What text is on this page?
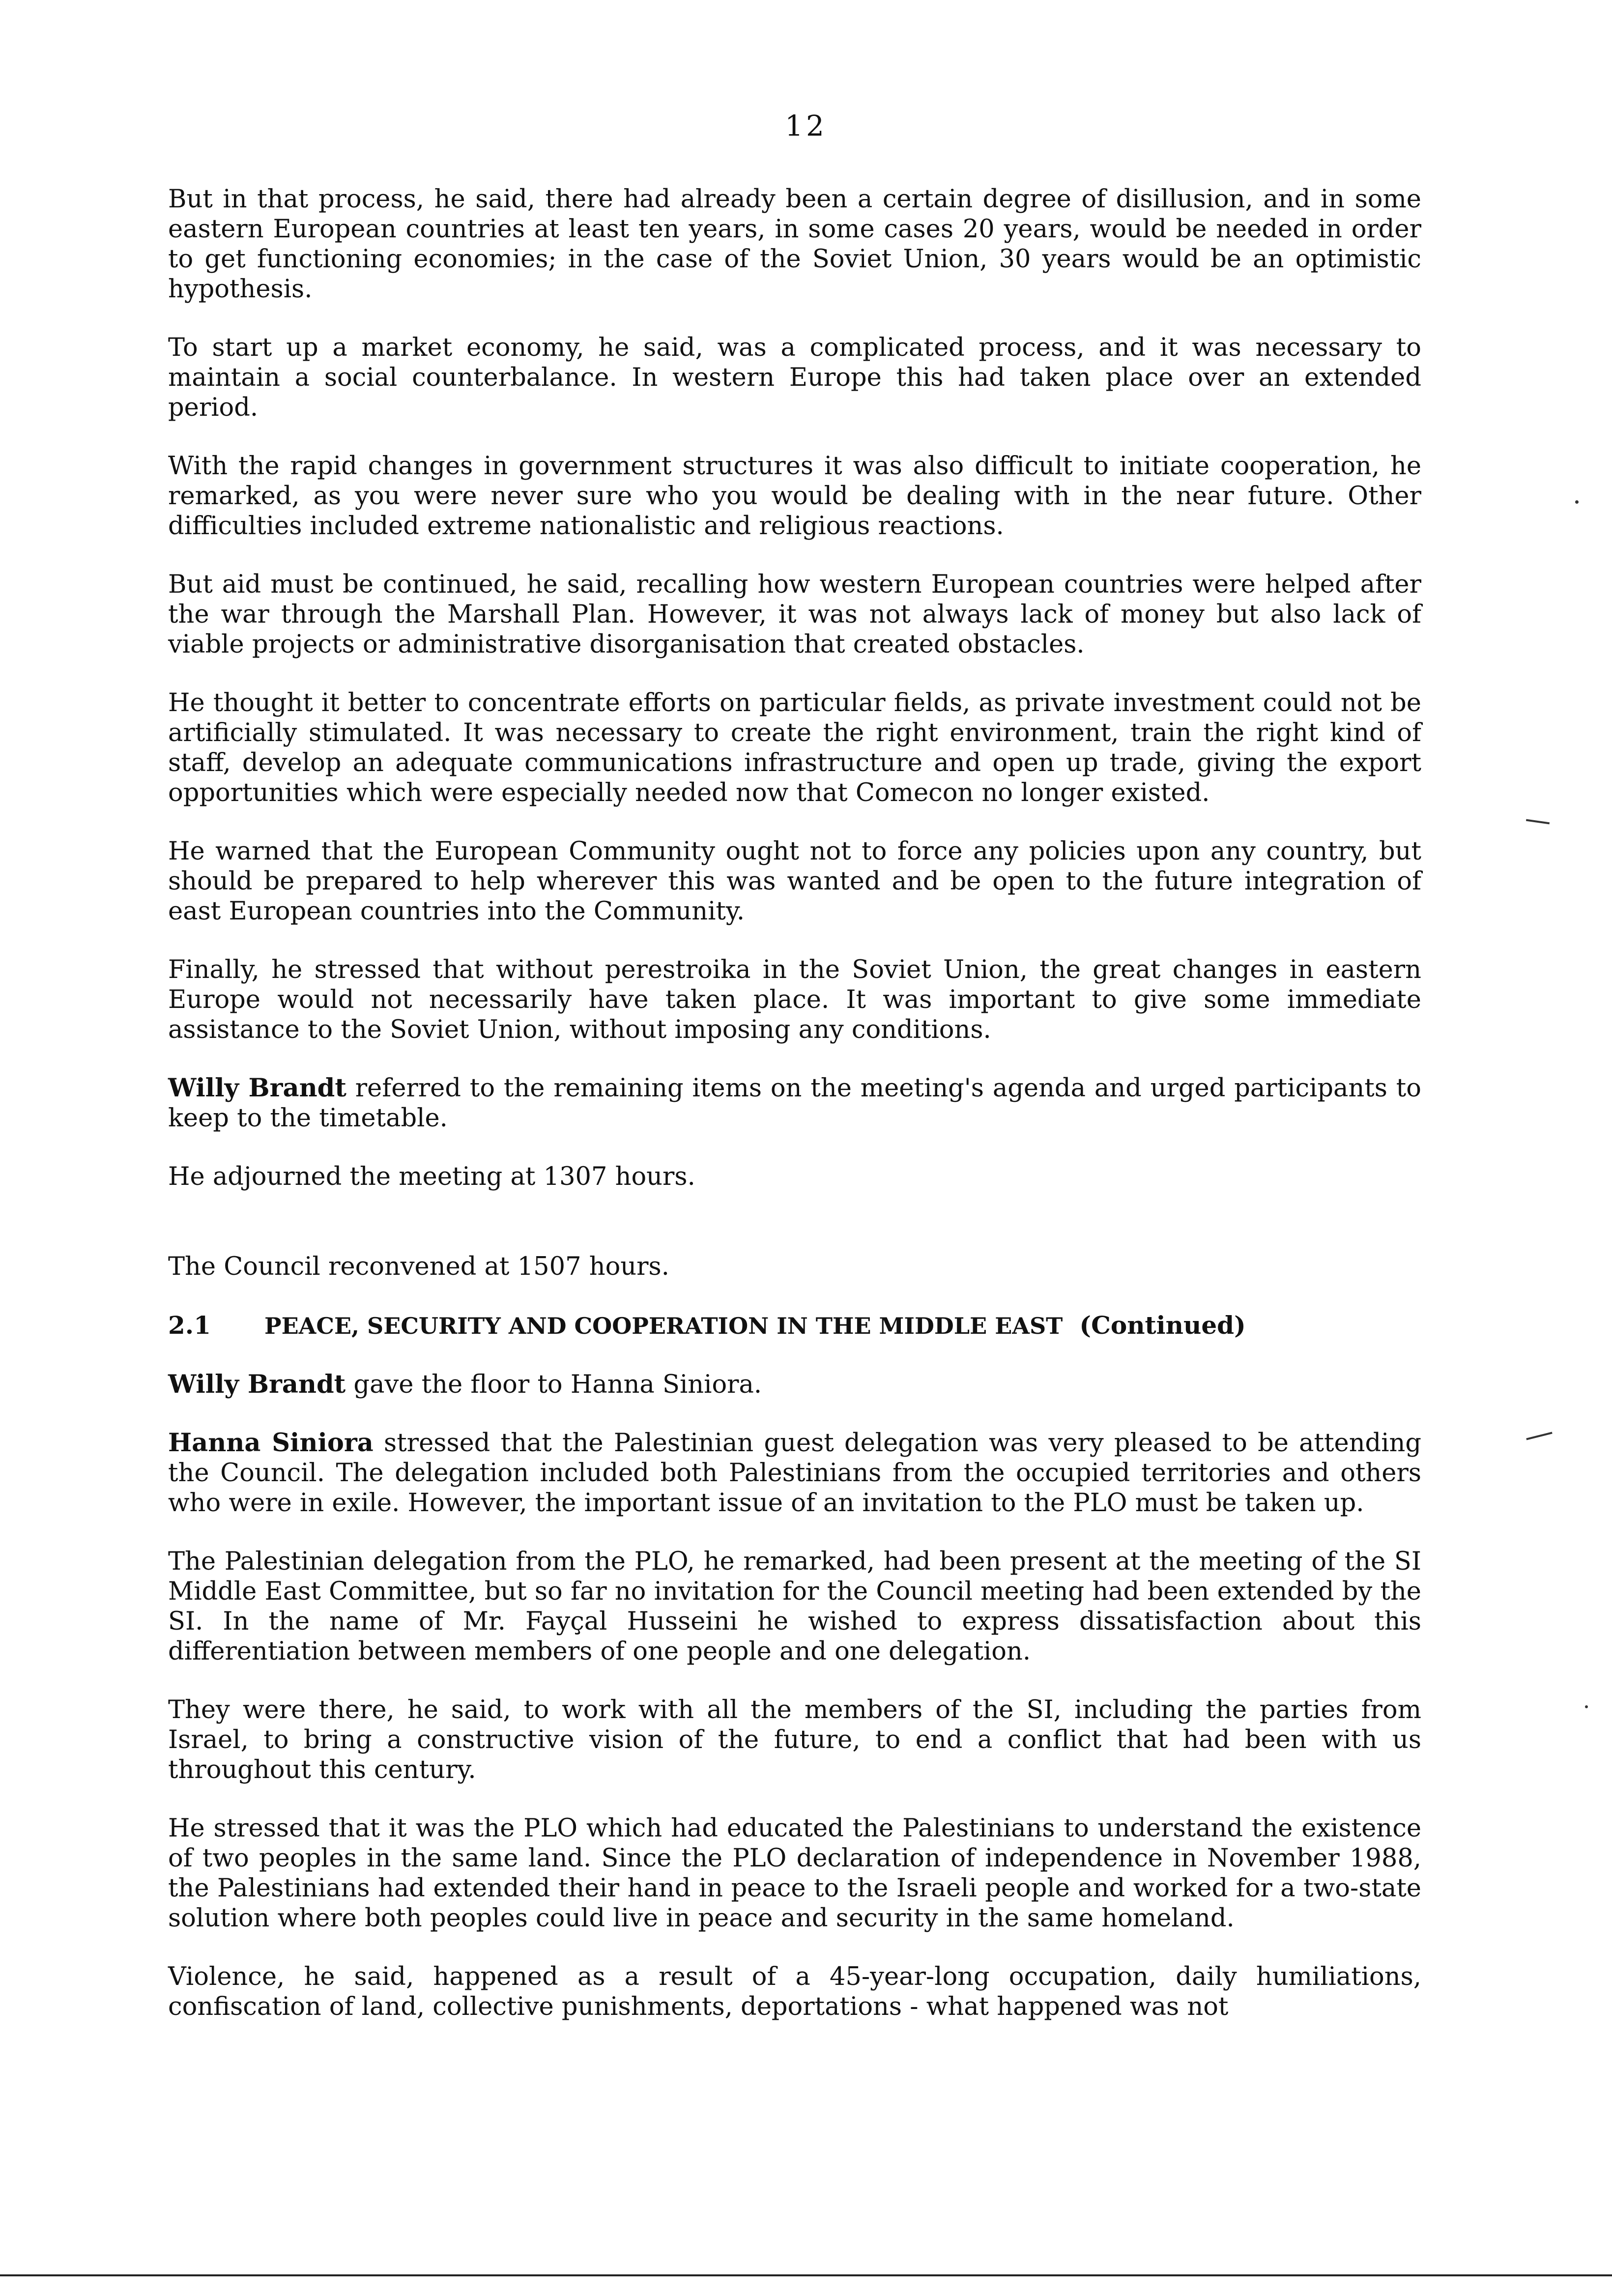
12

But in that process, he said, there had already been a certain degree of disillusion, and in some eastern European countries at least ten years, in some cases 20 years, would be needed in order to get functioning economies; in the case of the Soviet Union, 30 years would be an optimistic hypothesis.

To start up a market economy, he said, was a complicated process, and it was necessary to maintain a social counterbalance. In western Europe this had taken place over an extended period.

With the rapid changes in government structures it was also difficult to initiate cooperation, he remarked, as you were never sure who you would be dealing with in the near future. Other difficulties included extreme nationalistic and religious reactions.

But aid must be continued, he said, recalling how western European countries were helped after the war through the Marshall Plan. However, it was not always lack of money but also lack of viable projects or administrative disorganisation that created obstacles.

He thought it better to concentrate efforts on particular fields, as private investment could not be artificially stimulated. It was necessary to create the right environment, train the right kind of staff, develop an adequate communications infrastructure and open up trade, giving the export opportunities which were especially needed now that Comecon no longer existed.

He warned that the European Community ought not to force any policies upon any country, but should be prepared to help wherever this was wanted and be open to the future integration of east European countries into the Community.

Finally, he stressed that without perestroika in the Soviet Union, the great changes in eastern Europe would not necessarily have taken place. It was important to give some immediate assistance to the Soviet Union, without imposing any conditions.

Willy Brandt referred to the remaining items on the meeting's agenda and urged participants to keep to the timetable.

He adjourned the meeting at 1307 hours.

The Council reconvened at 1507 hours.

2.1 PEACE, SECURITY AND COOPERATION IN THE MIDDLE EAST (Continued)

Willy Brandt gave the floor to Hanna Siniora.

Hanna Siniora stressed that the Palestinian guest delegation was very pleased to be attending the Council. The delegation included both Palestinians from the occupied territories and others who were in exile. However, the important issue of an invitation to the PLO must be taken up.

The Palestinian delegation from the PLO, he remarked, had been present at the meeting of the SI Middle East Committee, but so far no invitation for the Council meeting had been extended by the SI. In the name of Mr. Fayçal Husseini he wished to express dissatisfaction about this differentiation between members of one people and one delegation.

They were there, he said, to work with all the members of the SI, including the parties from Israel, to bring a constructive vision of the future, to end a conflict that had been with us throughout this century.

He stressed that it was the PLO which had educated the Palestinians to understand the existence of two peoples in the same land. Since the PLO declaration of independence in November 1988, the Palestinians had extended their hand in peace to the Israeli people and worked for a two-state solution where both peoples could live in peace and security in the same homeland.

Violence, he said, happened as a result of a 45-year-long occupation, daily humiliations, confiscation of land, collective punishments, deportations - what happened was not
